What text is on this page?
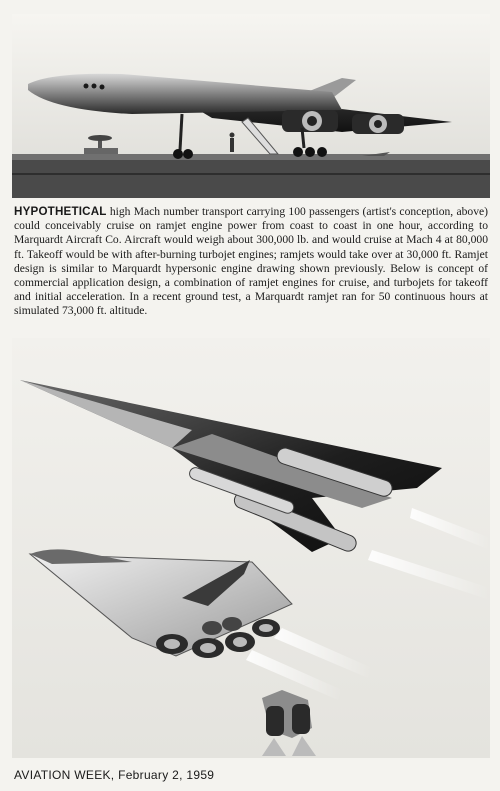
HYPOTHETICAL high Mach number transport carrying 100 passengers (artist's conception, above) could conceivably cruise on ramjet engine power from coast to coast in one hour, according to Marquardt Aircraft Co. Aircraft would weigh about 300,000 lb. and would cruise at Mach 4 at 80,000 ft. Takeoff would be with after-burning turbojet engines; ramjets would take over at 30,000 ft. Ramjet design is similar to Marquardt hypersonic engine drawing shown previously. Below is concept of commercial application design, a combination of ramjet engines for cruise, and turbojets for takeoff and initial acceleration. In a recent ground test, a Marquardt ramjet ran for 50 continuous hours at simulated 73,000 ft. altitude.

AVIATION WEEK, February 2, 1959
